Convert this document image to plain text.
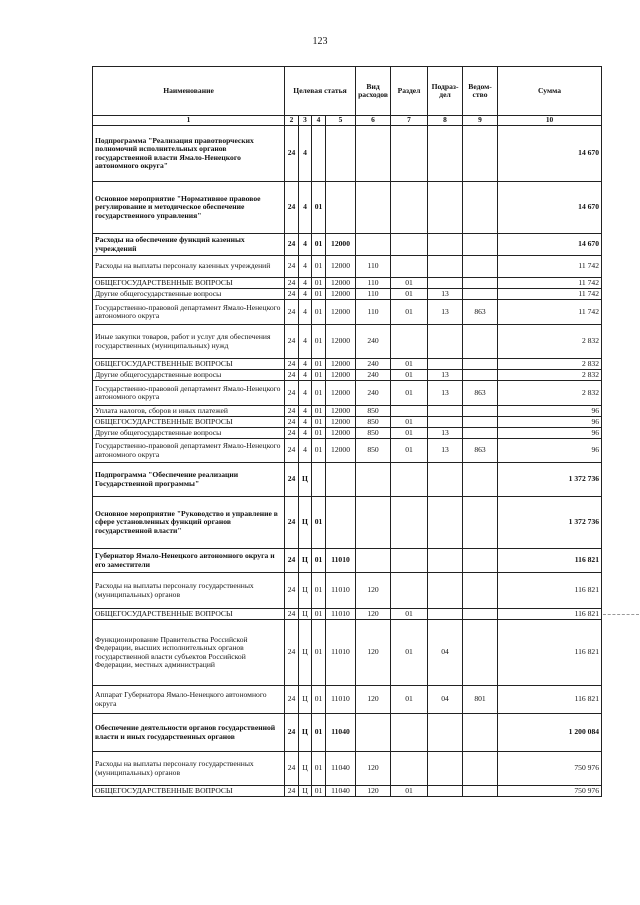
123
Наименование	Целевая статья				Вид расходов	Раздел	Подраз-дел	Ведом-ство	Сумма
1	2	3	4	5	6	7	8	9	10
Подпрограмма "Реализация правотворческих полномочий исполнительных органов государственной власти Ямало-Ненецкого автономного округа"	24	4							14 670
Основное мероприятие "Нормативное правовое регулирование и методическое обеспечение государственного управления"	24	4	01						14 670
Расходы на обеспечение функций казенных учреждений	24	4	01	12000					14 670
Расходы на выплаты персоналу казенных учреждений	24	4	01	12000	110				11 742
ОБЩЕГОСУДАРСТВЕННЫЕ ВОПРОСЫ	24	4	01	12000	110	01			11 742
Другие общегосударственные вопросы	24	4	01	12000	110	01	13		11 742
Государственно-правовой департамент Ямало-Ненецкого автономного округа	24	4	01	12000	110	01	13	863	11 742
Иные закупки товаров, работ и услуг для обеспечения государственных (муниципальных) нужд	24	4	01	12000	240				2 832
ОБЩЕГОСУДАРСТВЕННЫЕ ВОПРОСЫ	24	4	01	12000	240	01			2 832
Другие общегосударственные вопросы	24	4	01	12000	240	01	13		2 832
Государственно-правовой департамент Ямало-Ненецкого автономного округа	24	4	01	12000	240	01	13	863	2 832
Уплата налогов, сборов и иных платежей	24	4	01	12000	850				96
ОБЩЕГОСУДАРСТВЕННЫЕ ВОПРОСЫ	24	4	01	12000	850	01			96
Другие общегосударственные вопросы	24	4	01	12000	850	01	13		96
Государственно-правовой департамент Ямало-Ненецкого автономного округа	24	4	01	12000	850	01	13	863	96
Подпрограмма "Обеспечение реализации Государственной программы"	24	Ц							1 372 736
Основное мероприятие "Руководство и управление в сфере установленных функций органов государственной власти"	24	Ц	01						1 372 736
Губернатор Ямало-Ненецкого автономного округа и его заместители	24	Ц	01	11010					116 821
Расходы на выплаты персоналу государственных (муниципальных) органов	24	Ц	01	11010	120				116 821
ОБЩЕГОСУДАРСТВЕННЫЕ ВОПРОСЫ	24	Ц	01	11010	120	01			116 821
Функционирование Правительства Российской Федерации, высших исполнительных органов государственной власти субъектов Российской Федерации, местных администраций	24	Ц	01	11010	120	01	04		116 821
Аппарат Губернатора Ямало-Ненецкого автономного округа	24	Ц	01	11010	120	01	04	801	116 821
Обеспечение деятельности органов государственной власти и иных государственных органов	24	Ц	01	11040					1 200 084
Расходы на выплаты персоналу государственных (муниципальных) органов	24	Ц	01	11040	120				750 976
ОБЩЕГОСУДАРСТВЕННЫЕ ВОПРОСЫ	24	Ц	01	11040	120	01			750 976
